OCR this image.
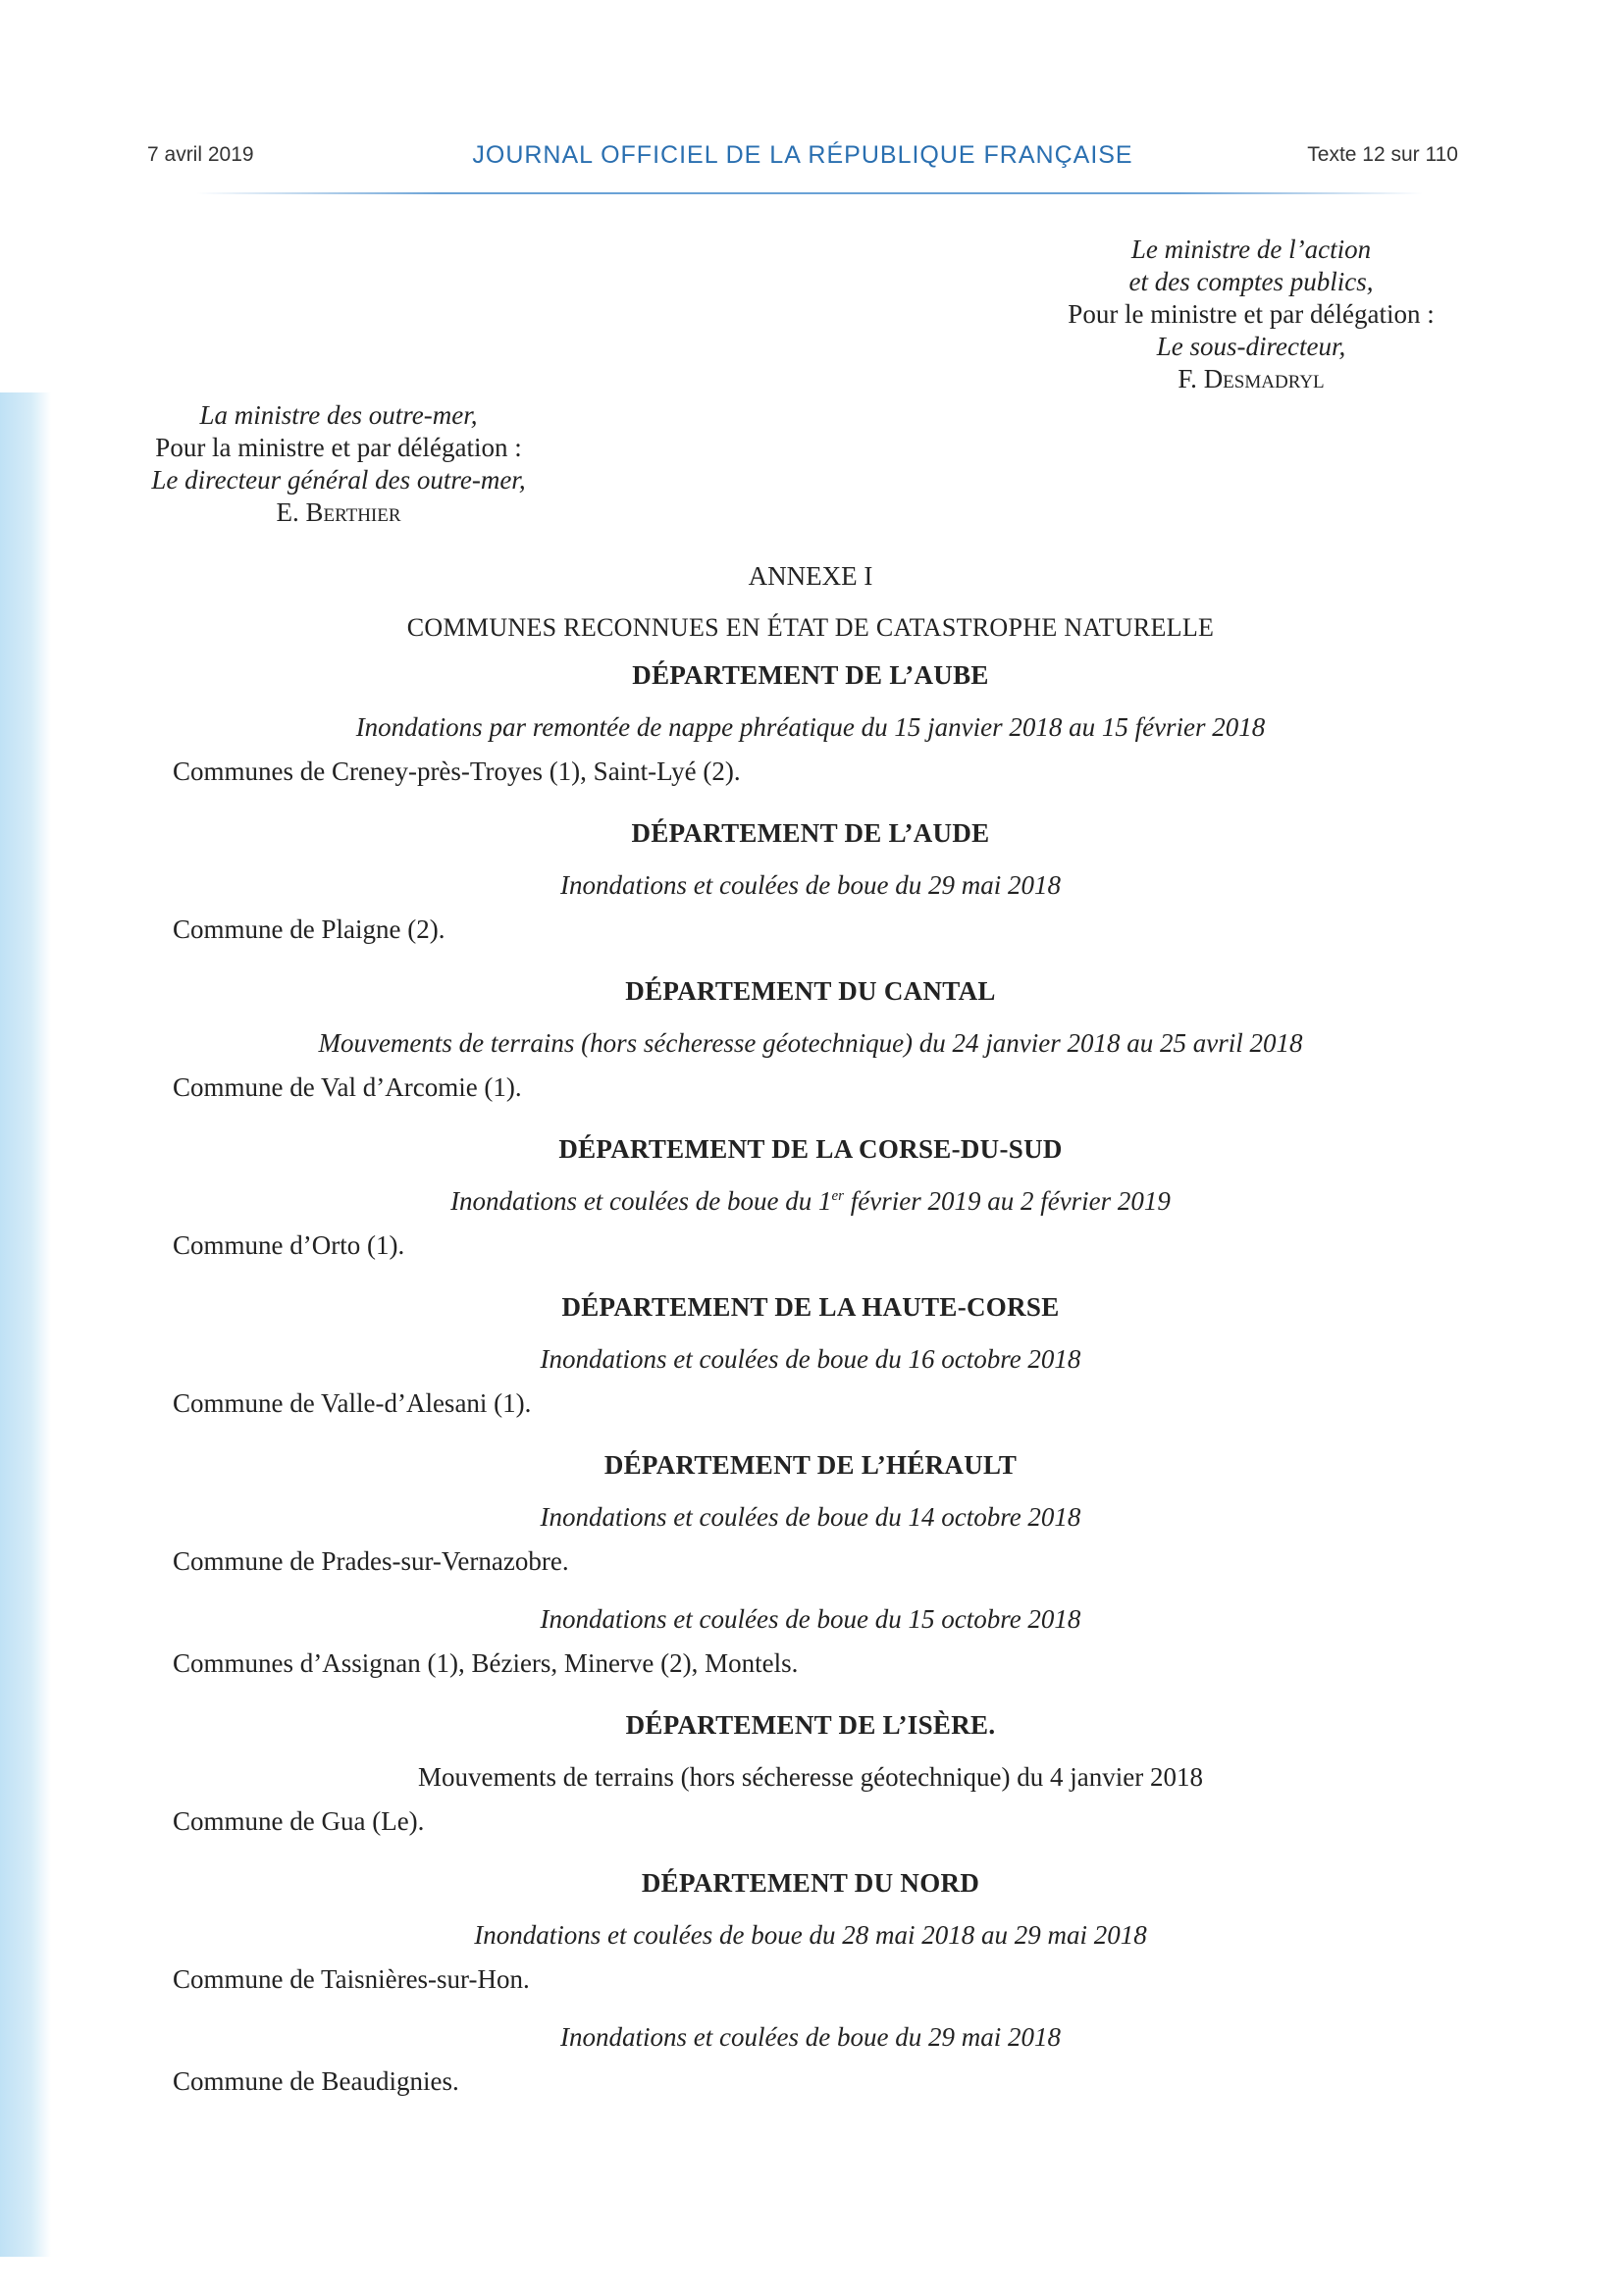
7 avril 2019	JOURNAL OFFICIEL DE LA RÉPUBLIQUE FRANÇAISE	Texte 12 sur 110
Le ministre de l’action
et des comptes publics,
Pour le ministre et par délégation :
Le sous-directeur,
F. Desmadryl
La ministre des outre-mer,
Pour la ministre et par délégation :
Le directeur général des outre-mer,
E. Berthier
ANNEXE I
COMMUNES RECONNUES EN ÉTAT DE CATASTROPHE NATURELLE
DÉPARTEMENT DE L’AUBE
Inondations par remontée de nappe phréatique du 15 janvier 2018 au 15 février 2018
Communes de Creney-près-Troyes (1), Saint-Lyé (2).
DÉPARTEMENT DE L’AUDE
Inondations et coulées de boue du 29 mai 2018
Commune de Plaigne (2).
DÉPARTEMENT DU CANTAL
Mouvements de terrains (hors sécheresse géotechnique) du 24 janvier 2018 au 25 avril 2018
Commune de Val d’Arcomie (1).
DÉPARTEMENT DE LA CORSE-DU-SUD
Inondations et coulées de boue du 1er février 2019 au 2 février 2019
Commune d’Orto (1).
DÉPARTEMENT DE LA HAUTE-CORSE
Inondations et coulées de boue du 16 octobre 2018
Commune de Valle-d’Alesani (1).
DÉPARTEMENT DE L’HÉRAULT
Inondations et coulées de boue du 14 octobre 2018
Commune de Prades-sur-Vernazobre.
Inondations et coulées de boue du 15 octobre 2018
Communes d’Assignan (1), Béziers, Minerve (2), Montels.
DÉPARTEMENT DE L’ISÈRE.
Mouvements de terrains (hors sécheresse géotechnique) du 4 janvier 2018
Commune de Gua (Le).
DÉPARTEMENT DU NORD
Inondations et coulées de boue du 28 mai 2018 au 29 mai 2018
Commune de Taisnières-sur-Hon.
Inondations et coulées de boue du 29 mai 2018
Commune de Beaudignies.
